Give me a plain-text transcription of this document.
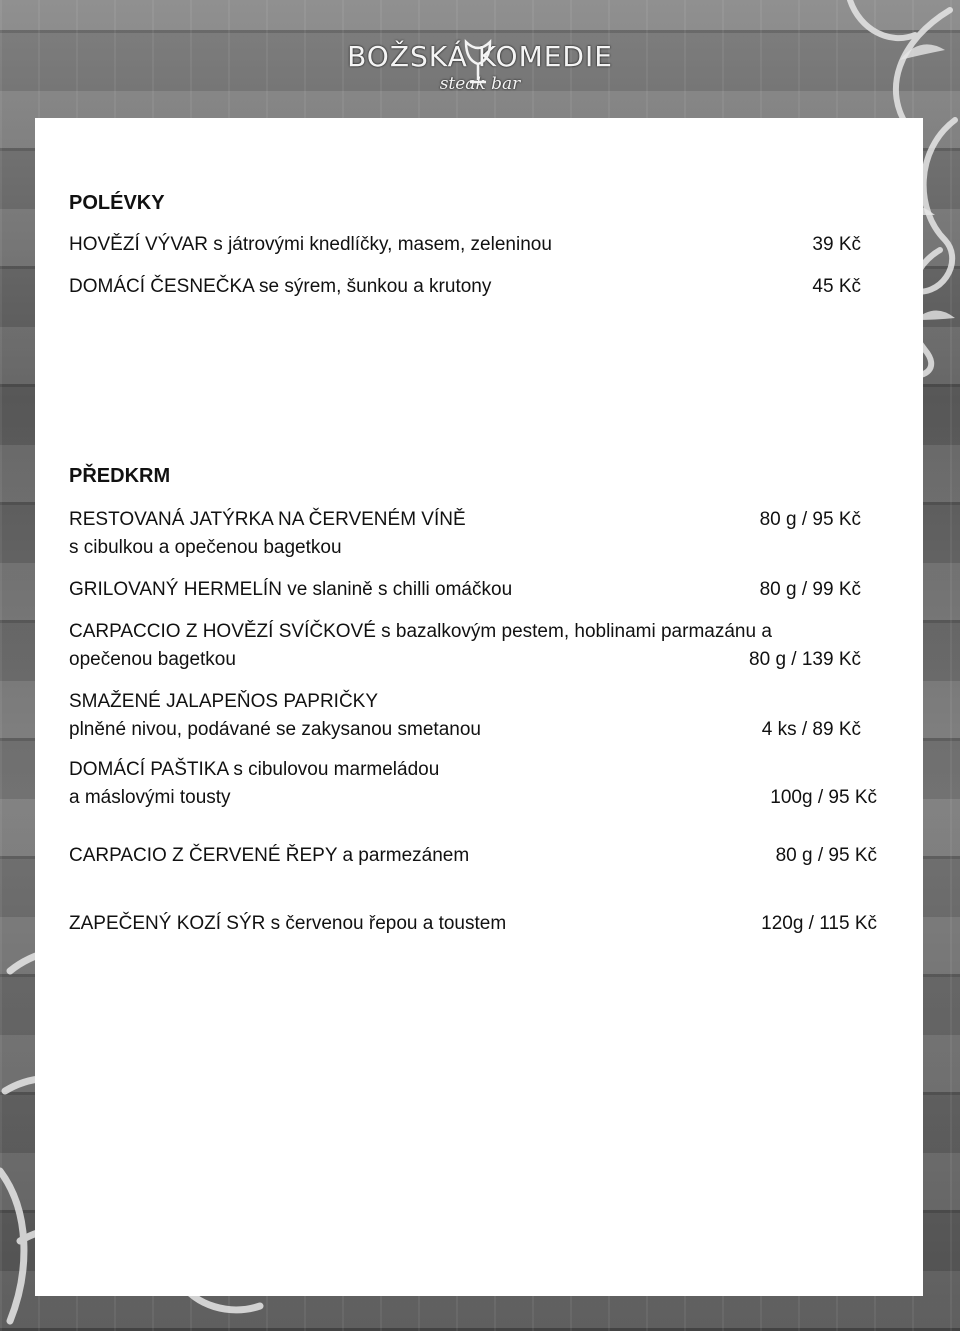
BOŽSKÁ KOMEDIE
steak bar
POLÉVKY
HOVĚZÍ VÝVAR s játrovými knedlíčky, masem, zeleninou	39 Kč
DOMÁCÍ ČESNEČKA se sýrem, šunkou a krutony	45 Kč
PŘEDKRM
RESTOVANÁ JATÝRKA NA ČERVENÉM VÍNĚ
s cibulkou a opečenou bagetkou
80 g / 95 Kč
GRILOVANÝ HERMELÍN ve slanině s chilli omáčkou	80 g / 99 Kč
CARPACCIO Z HOVĚZÍ SVÍČKOVÉ s bazalkovým pestem, hoblinami parmazánu a
opečenou bagetkou	80 g / 139 Kč
SMAŽENÉ JALAPEŇOS PAPRIČKY
plněné nivou, podávané se zakysanou smetanou	4 ks / 89 Kč
DOMÁCÍ PAŠTIKA s cibulovou marmeládou
a máslovými tousty	100g / 95 Kč
CARPACIO Z ČERVENÉ ŘEPY a parmezánem	80 g / 95 Kč
ZAPEČENÝ KOZÍ SÝR s červenou řepou a toustem	120g / 115 Kč
